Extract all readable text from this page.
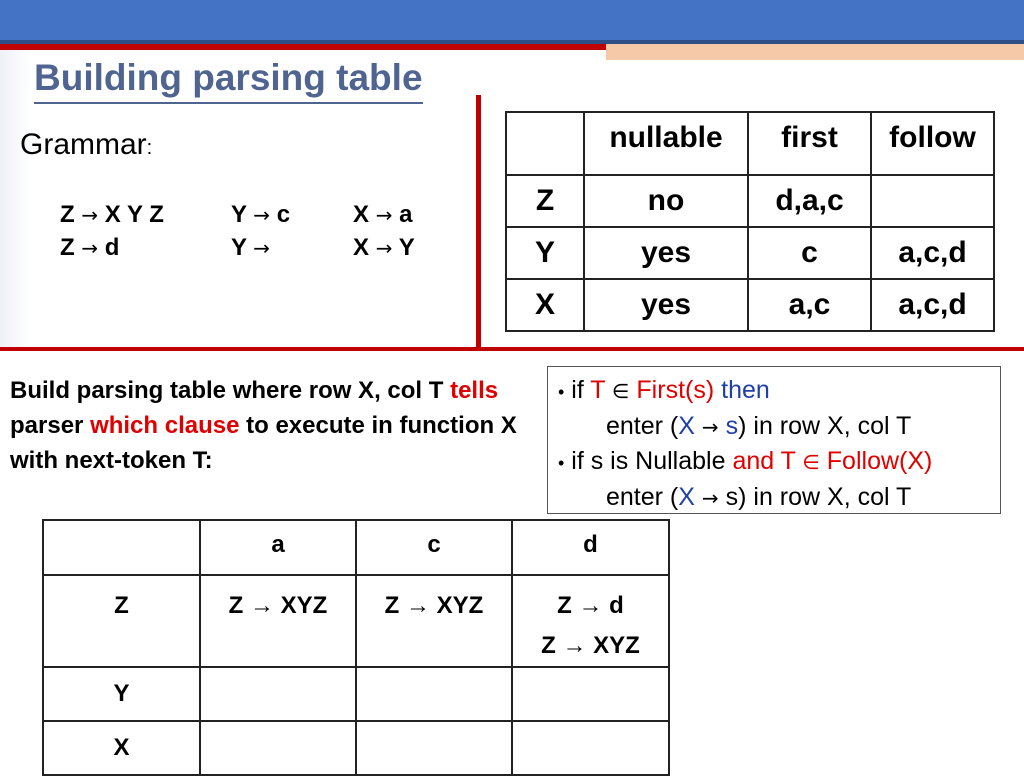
Building parsing table
Grammar:
Z → X Y Z
Z → d
Y → c
Y →
X → a
X → Y
	nullable	first	follow
Z	no	d,a,c	
Y	yes	c	a,c,d
X	yes	a,c	a,c,d
Build parsing table where row X, col T tells parser which clause to execute in function X with next-token T:
• if T ∈ First(s) then
enter (X → s) in row X, col T
• if s is Nullable and T ∈ Follow(X)
enter (X → s) in row X, col T
	a	c	d
Z	Z → XYZ	Z → XYZ	Z → d
Z → XYZ

Y			
X			
